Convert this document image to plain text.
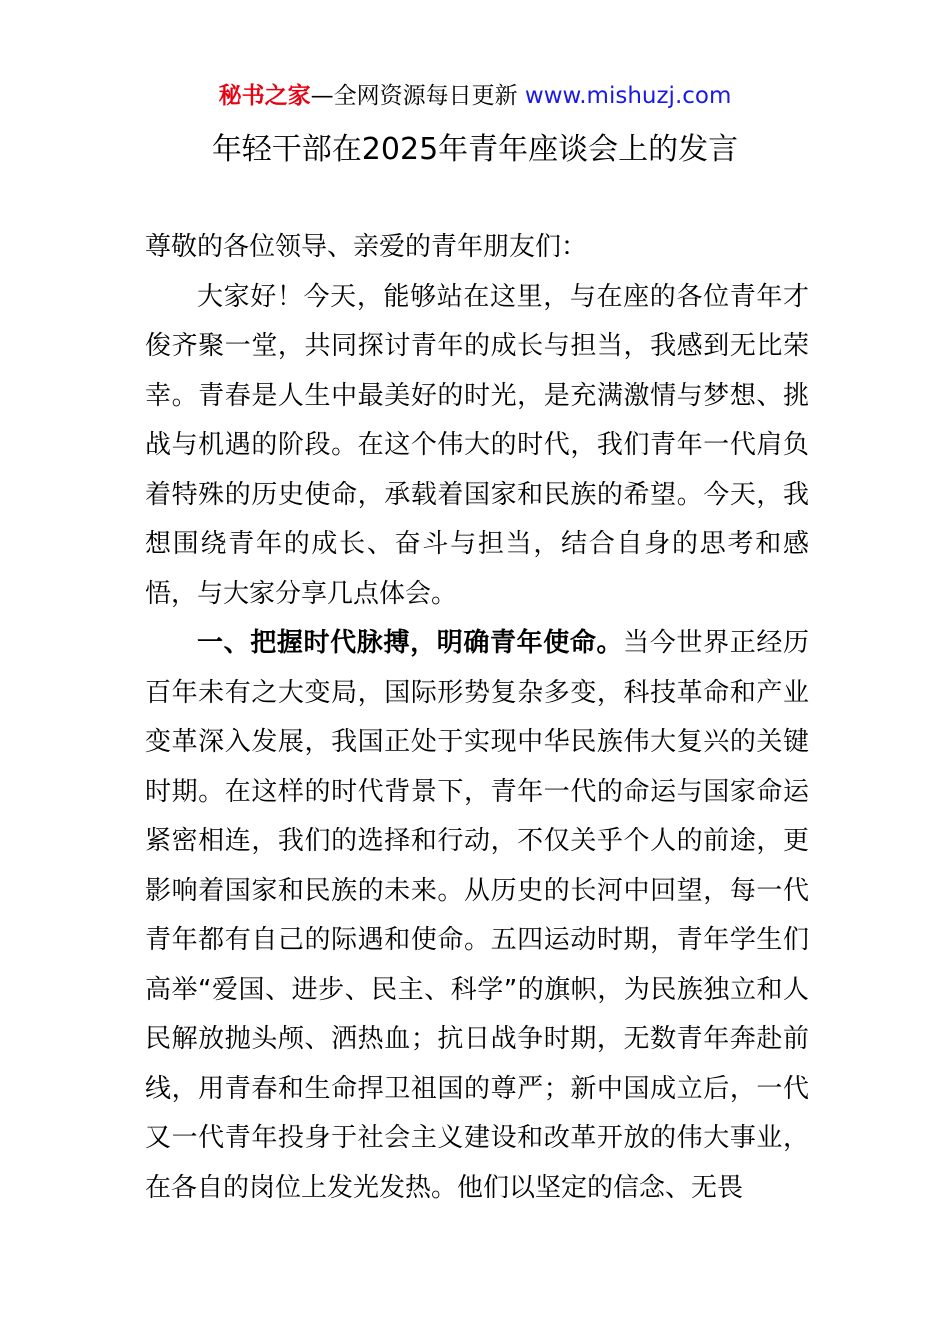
秘书之家—全网资源每日更新 www.mishuzj.com
年轻干部在2025年青年座谈会上的发言

尊敬的各位领导、亲爱的青年朋友们：

大家好！今天，能够站在这里，与在座的各位青年才俊齐聚一堂，共同探讨青年的成长与担当，我感到无比荣幸。青春是人生中最美好的时光，是充满激情与梦想、挑战与机遇的阶段。在这个伟大的时代，我们青年一代肩负着特殊的历史使命，承载着国家和民族的希望。今天，我想围绕青年的成长、奋斗与担当，结合自身的思考和感悟，与大家分享几点体会。

一、把握时代脉搏，明确青年使命。当今世界正经历百年未有之大变局，国际形势复杂多变，科技革命和产业变革深入发展，我国正处于实现中华民族伟大复兴的关键时期。在这样的时代背景下，青年一代的命运与国家命运紧密相连，我们的选择和行动，不仅关乎个人的前途，更影响着国家和民族的未来。从历史的长河中回望，每一代青年都有自己的际遇和使命。五四运动时期，青年学生们高举“爱国、进步、民主、科学”的旗帜，为民族独立和人民解放抛头颅、洒热血；抗日战争时期，无数青年奔赴前线，用青春和生命捍卫祖国的尊严；新中国成立后，一代又一代青年投身于社会主义建设和改革开放的伟大事业，在各自的岗位上发光发热。他们以坚定的信念、无畏
